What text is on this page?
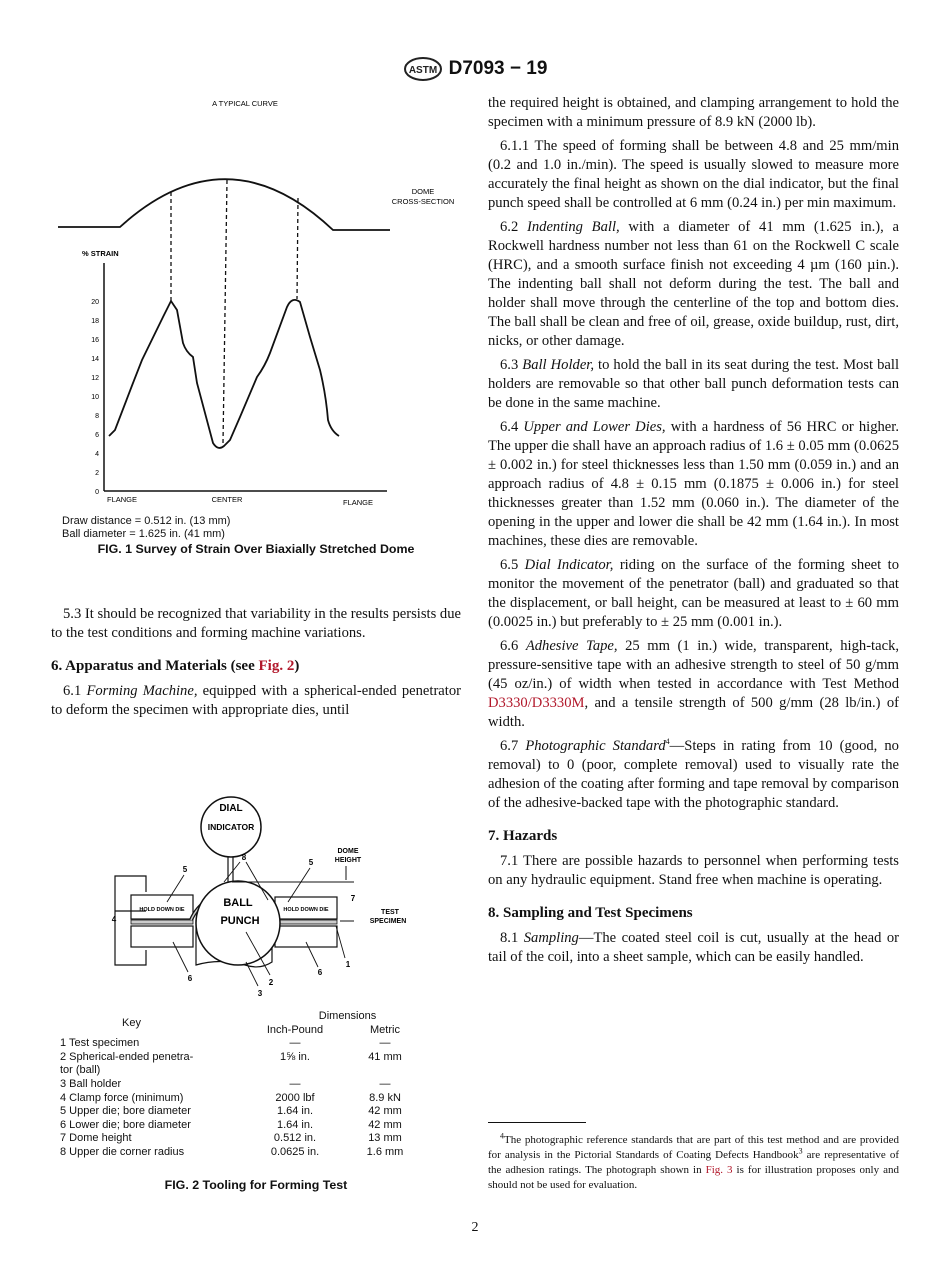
ASTM D7093 − 19
A TYPICAL CURVE
DOME
CROSS-SECTION
% STRAIN
0
2
4
6
8
10
12
14
16
18
20
FLANGE	CENTER	FLANGE
Draw distance = 0.512 in. (13 mm)
Ball diameter = 1.625 in. (41 mm)
FIG. 1 Survey of Strain Over Biaxially Stretched Dome

5.3 It should be recognized that variability in the results persists due to the test conditions and forming machine variations.

6. Apparatus and Materials (see Fig. 2)

6.1 Forming Machine, equipped with a spherical-ended penetrator to deform the specimen with appropriate dies, until

DIAL
INDICATOR
HOLD DOWN DIE	HOLD DOWN DIE
BALL
PUNCH
DOME
HEIGHT
TEST
SPECIMEN
1
2
3
4
5
5
6
6
7
8
Key	Dimensions	
	Inch-Pound	Metric
1 Test specimen	—	—
2 Spherical-ended penetra-	1⅝ in.	41 mm
tor (ball)		
3 Ball holder	—	—
4 Clamp force (minimum)	2000 lbf	8.9 kN
5 Upper die; bore diameter	1.64 in.	42 mm
6 Lower die; bore diameter	1.64 in.	42 mm
7 Dome height	0.512 in.	13 mm
8 Upper die corner radius	0.0625 in.	1.6 mm
FIG. 2 Tooling for Forming Test

the required height is obtained, and clamping arrangement to hold the specimen with a minimum pressure of 8.9 kN (2000 lb).

6.1.1 The speed of forming shall be between 4.8 and 25 mm/min (0.2 and 1.0 in./min). The speed is usually slowed to measure more accurately the final height as shown on the dial indicator, but the final punch speed shall be controlled at 6 mm (0.24 in.) per min maximum.

6.2 Indenting Ball, with a diameter of 41 mm (1.625 in.), a Rockwell hardness number not less than 61 on the Rockwell C scale (HRC), and a smooth surface finish not exceeding 4 µm (160 µin.). The indenting ball shall not deform during the test. The ball and holder shall move through the centerline of the top and bottom dies. The ball shall be clean and free of oil, grease, oxide buildup, rust, dirt, nicks, or other damage.

6.3 Ball Holder, to hold the ball in its seat during the test. Most ball holders are removable so that other ball punch deformation tests can be done in the same machine.

6.4 Upper and Lower Dies, with a hardness of 56 HRC or higher. The upper die shall have an approach radius of 1.6 ± 0.05 mm (0.0625 ± 0.002 in.) for steel thicknesses less than 1.50 mm (0.059 in.) and an approach radius of 4.8 ± 0.15 mm (0.1875 ± 0.006 in.) for steel thicknesses greater than 1.52 mm (0.060 in.). The diameter of the opening in the upper and lower die shall be 42 mm (1.64 in.). In most machines, these dies are removable.

6.5 Dial Indicator, riding on the surface of the forming sheet to monitor the movement of the penetrator (ball) and graduated so that the displacement, or ball height, can be measured at least to ± 60 mm (0.0025 in.) but preferably to ± 25 mm (0.001 in.).

6.6 Adhesive Tape, 25 mm (1 in.) wide, transparent, high-tack, pressure-sensitive tape with an adhesive strength to steel of 50 g/mm (45 oz/in.) of width when tested in accordance with Test Method D3330/D3330M, and a tensile strength of 500 g/mm (28 lb/in.) of width.

6.7 Photographic Standard$^4$—Steps in rating from 10 (good, no removal) to 0 (poor, complete removal) used to visually rate the adhesion of the coating after forming and tape removal by comparison of the adhesive-backed tape with the photographic standard.

7. Hazards

7.1 There are possible hazards to personnel when performing tests on any hydraulic equipment. Stand free when machine is operating.

8. Sampling and Test Specimens

8.1 Sampling—The coated steel coil is cut, usually at the head or tail of the coil, into a sheet sample, which can be easily handled.

$^4$The photographic reference standards that are part of this test method and are provided for analysis in the Pictorial Standards of Coating Defects Handbook$^3$ are representative of the adhesion ratings. The photograph shown in Fig. 3 is for illustration proposes only and should not be used for evaluation.

2
